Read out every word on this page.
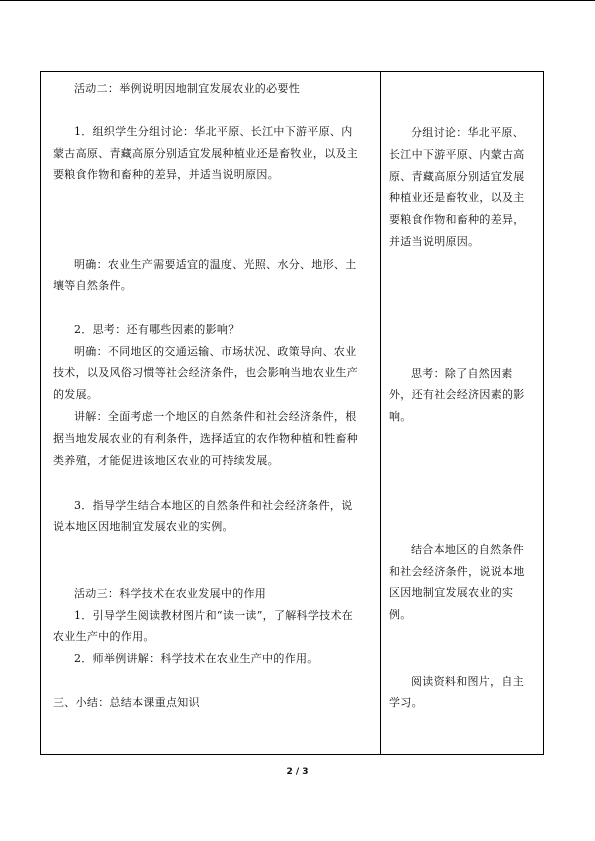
活动二：举例说明因地制宜发展农业的必要性
1．组织学生分组讨论：华北平原、长江中下游平原、内
蒙古高原、青藏高原分别适宜发展种植业还是畜牧业，以及主
要粮食作物和畜种的差异，并适当说明原因。
明确：农业生产需要适宜的温度、光照、水分、地形、土
壤等自然条件。
2．思考：还有哪些因素的影响？
明确：不同地区的交通运输、市场状况、政策导向、农业
技术，以及风俗习惯等社会经济条件，也会影响当地农业生产
的发展。
讲解：全面考虑一个地区的自然条件和社会经济条件，根
据当地发展农业的有利条件，选择适宜的农作物种植和牲畜种
类养殖，才能促进该地区农业的可持续发展。
3．指导学生结合本地区的自然条件和社会经济条件，说
说本地区因地制宜发展农业的实例。
活动三：科学技术在农业发展中的作用
1．引导学生阅读教材图片和“读一读”，了解科学技术在
农业生产中的作用。
2．师举例讲解：科学技术在农业生产中的作用。
三、小结：总结本课重点知识
分组讨论：华北平原、
长江中下游平原、内蒙古高
原、青藏高原分别适宜发展
种植业还是畜牧业，以及主
要粮食作物和畜种的差异，
并适当说明原因。
思考：除了自然因素
外，还有社会经济因素的影
响。
结合本地区的自然条件
和社会经济条件，说说本地
区因地制宜发展农业的实
例。
阅读资料和图片，自主
学习。
2 / 3
